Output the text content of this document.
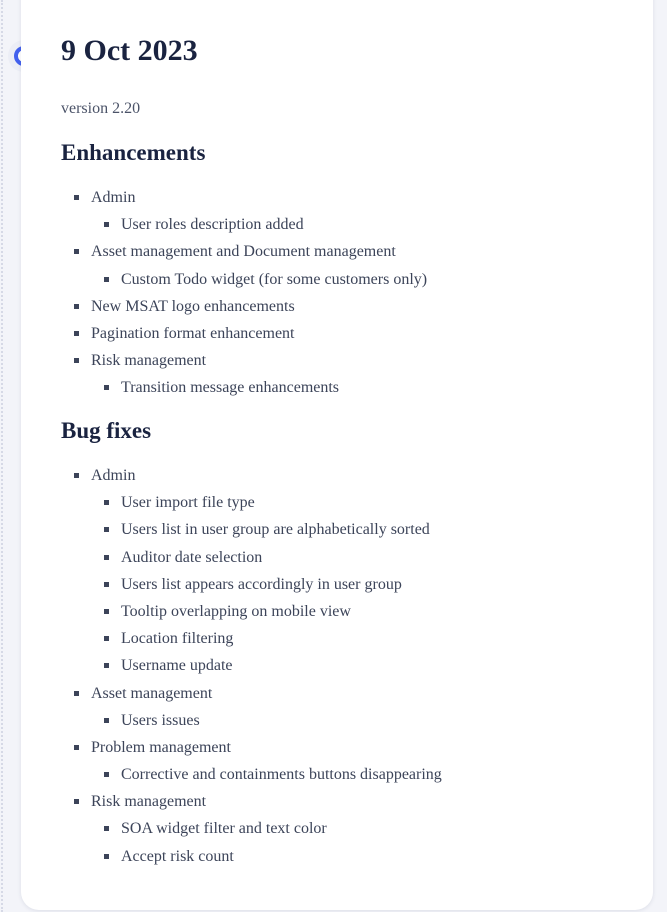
9 Oct 2023

version 2.20

Enhancements
Admin
User roles description added
Asset management and Document management
Custom Todo widget (for some customers only)
New MSAT logo enhancements
Pagination format enhancement
Risk management
Transition message enhancements
Bug fixes
Admin
User import file type
Users list in user group are alphabetically sorted
Auditor date selection
Users list appears accordingly in user group
Tooltip overlapping on mobile view
Location filtering
Username update
Asset management
Users issues
Problem management
Corrective and containments buttons disappearing
Risk management
SOA widget filter and text color
Accept risk count
